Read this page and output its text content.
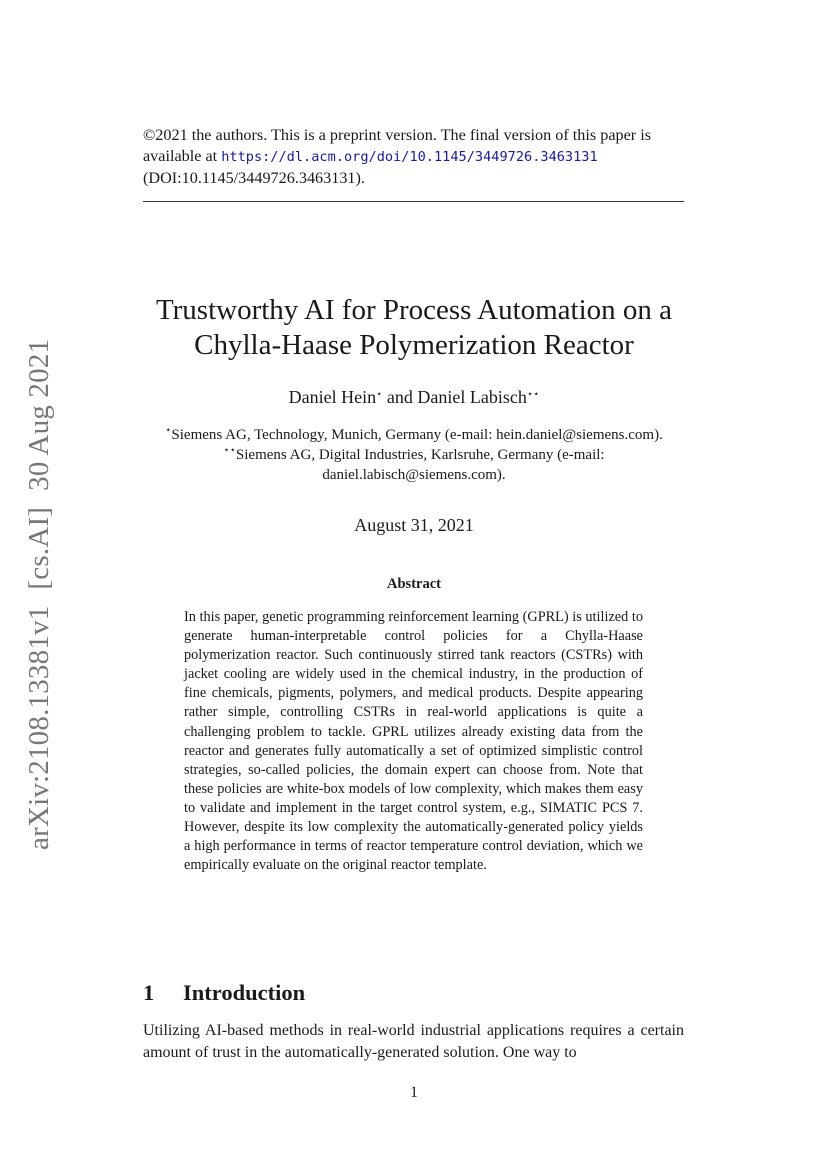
arXiv:2108.13381v1[cs.AI]30 Aug 2021
©2021 the authors. This is a preprint version. The final version of this paper is available at https://dl.acm.org/doi/10.1145/3449726.3463131 (DOI:10.1145/3449726.3463131).
Trustworthy AI for Process Automation on a
Chylla-Haase Polymerization Reactor
Daniel Hein⋆ and Daniel Labisch⋆⋆
⋆Siemens AG, Technology, Munich, Germany (e-mail: hein.daniel@siemens.com).
⋆⋆Siemens AG, Digital Industries, Karlsruhe, Germany (e-mail:
daniel.labisch@siemens.com).
August 31, 2021
Abstract

In this paper, genetic programming reinforcement learning (GPRL) is utilized to generate human-interpretable control policies for a Chylla-Haase polymerization reactor. Such continuously stirred tank reactors (CSTRs) with jacket cooling are widely used in the chemical industry, in the production of fine chemicals, pigments, polymers, and medical products. Despite appearing rather simple, controlling CSTRs in real-world applications is quite a challenging problem to tackle. GPRL utilizes already existing data from the reactor and generates fully automatically a set of optimized simplistic control strategies, so-called policies, the domain expert can choose from. Note that these policies are white-box models of low complexity, which makes them easy to validate and implement in the target control system, e.g., SIMATIC PCS 7. However, despite its low complexity the automatically-generated policy yields a high performance in terms of reactor temperature control deviation, which we empirically evaluate on the original reactor template.

1 Introduction

Utilizing AI-based methods in real-world industrial applications requires a certain amount of trust in the automatically-generated solution. One way to

1
